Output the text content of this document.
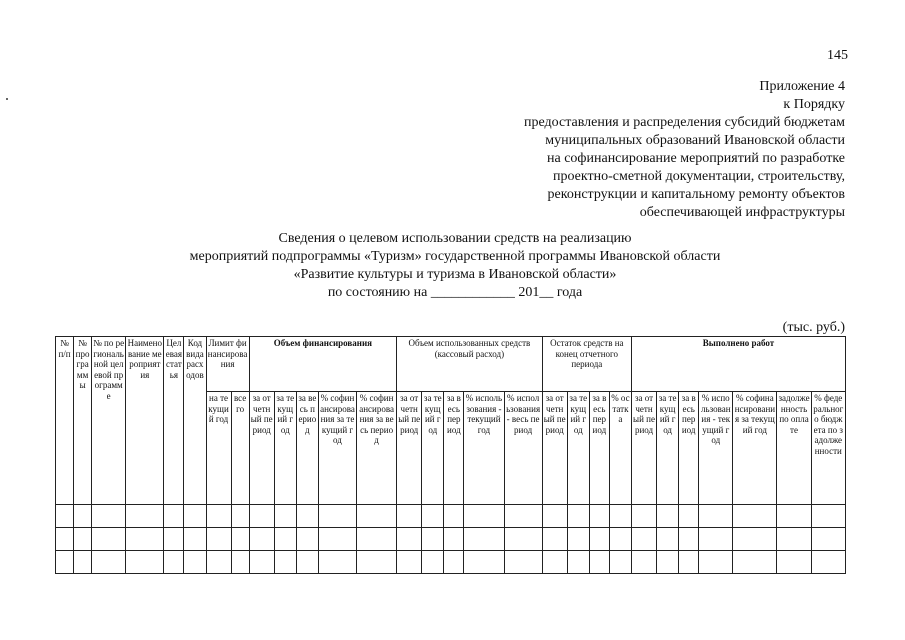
145
Приложение 4
к Порядку
предоставления и распределения субсидий бюджетам
муниципальных образований Ивановской области
на софинансирование мероприятий по разработке
проектно-сметной документации, строительству,
реконструкции и капитальному ремонту объектов
обеспечивающей инфраструктуры
Сведения о целевом использовании средств на реализацию
мероприятий подпрограммы «Туризм» государственной программы Ивановской области
«Развитие культуры и туризма в Ивановской области»
по состоянию на ____________ 201__ года
(тыс. руб.)
№ п/п	№ программы	№ по региональной целевой программе	Наименование мероприятия	Целевая статья	Код вида расходов	Лимит финансирования		Объем финансирования					Объем использованных средств (кассовый расход)					Остаток средств на конец отчетного периода				Выполнено работ						
						на текущий год	всего	за отчетный период	за текущий год	за весь период	% софинансирования за текущий год	% софинансирования за весь период	за отчетный период	за текущий год	за весь период	% использования - текущий год	% использования - весь период	за отчетный период	за текущий год	за весь период	% остатка	за отчетный период	за текущий год	за весь период	% использования - текущий год	% софинансирования за текущий год	задолженность по оплате	% федерального бюджета по задолженности
